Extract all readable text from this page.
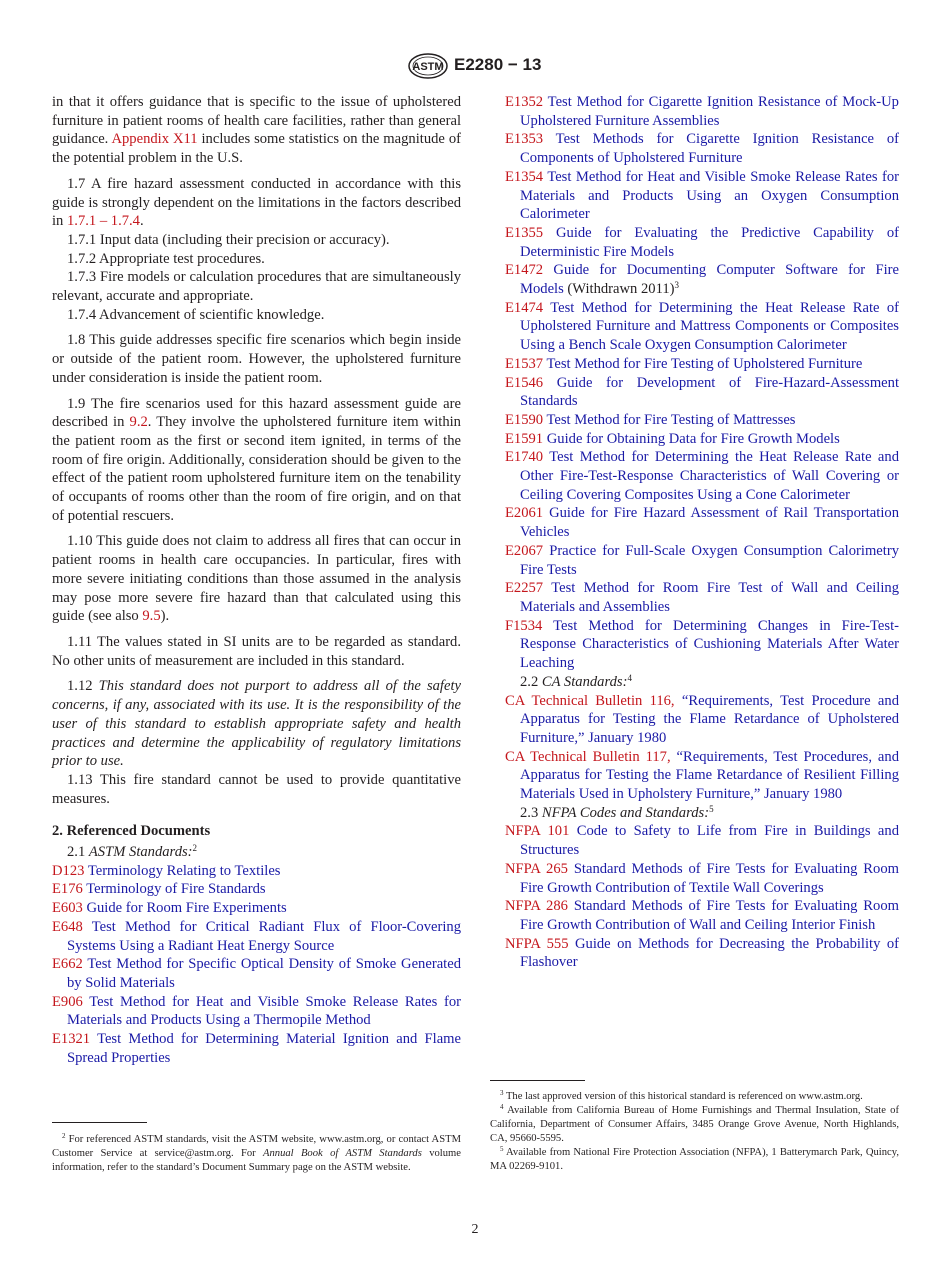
ASTM E2280 − 13

in that it offers guidance that is specific to the issue of upholstered furniture in patient rooms of health care facilities, rather than general guidance. Appendix X11 includes some statistics on the magnitude of the potential problem in the U.S.

1.7 A fire hazard assessment conducted in accordance with this guide is strongly dependent on the limitations in the factors described in 1.7.1 – 1.7.4.

1.7.1 Input data (including their precision or accuracy).

1.7.2 Appropriate test procedures.

1.7.3 Fire models or calculation procedures that are simultaneously relevant, accurate and appropriate.

1.7.4 Advancement of scientific knowledge.

1.8 This guide addresses specific fire scenarios which begin inside or outside of the patient room. However, the upholstered furniture under consideration is inside the patient room.

1.9 The fire scenarios used for this hazard assessment guide are described in 9.2. They involve the upholstered furniture item within the patient room as the first or second item ignited, in terms of the room of fire origin. Additionally, consideration should be given to the effect of the patient room upholstered furniture item on the tenability of occupants of rooms other than the room of fire origin, and on that of potential rescuers.

1.10 This guide does not claim to address all fires that can occur in patient rooms in health care occupancies. In particular, fires with more severe initiating conditions than those assumed in the analysis may pose more severe fire hazard than that calculated using this guide (see also 9.5).

1.11 The values stated in SI units are to be regarded as standard. No other units of measurement are included in this standard.

1.12 This standard does not purport to address all of the safety concerns, if any, associated with its use. It is the responsibility of the user of this standard to establish appropriate safety and health practices and determine the applicability of regulatory limitations prior to use.

1.13 This fire standard cannot be used to provide quantitative measures.

2. Referenced Documents

2.1 ASTM Standards:$^2$

D123 Terminology Relating to Textiles

E176 Terminology of Fire Standards

E603 Guide for Room Fire Experiments

E648 Test Method for Critical Radiant Flux of Floor-Covering Systems Using a Radiant Heat Energy Source

E662 Test Method for Specific Optical Density of Smoke Generated by Solid Materials

E906 Test Method for Heat and Visible Smoke Release Rates for Materials and Products Using a Thermopile Method

E1321 Test Method for Determining Material Ignition and Flame Spread Properties

E1352 Test Method for Cigarette Ignition Resistance of Mock-Up Upholstered Furniture Assemblies

E1353 Test Methods for Cigarette Ignition Resistance of Components of Upholstered Furniture

E1354 Test Method for Heat and Visible Smoke Release Rates for Materials and Products Using an Oxygen Consumption Calorimeter

E1355 Guide for Evaluating the Predictive Capability of Deterministic Fire Models

E1472 Guide for Documenting Computer Software for Fire Models (Withdrawn 2011)$^3$

E1474 Test Method for Determining the Heat Release Rate of Upholstered Furniture and Mattress Components or Composites Using a Bench Scale Oxygen Consumption Calorimeter

E1537 Test Method for Fire Testing of Upholstered Furniture

E1546 Guide for Development of Fire-Hazard-Assessment Standards

E1590 Test Method for Fire Testing of Mattresses

E1591 Guide for Obtaining Data for Fire Growth Models

E1740 Test Method for Determining the Heat Release Rate and Other Fire-Test-Response Characteristics of Wall Covering or Ceiling Covering Composites Using a Cone Calorimeter

E2061 Guide for Fire Hazard Assessment of Rail Transportation Vehicles

E2067 Practice for Full-Scale Oxygen Consumption Calorimetry Fire Tests

E2257 Test Method for Room Fire Test of Wall and Ceiling Materials and Assemblies

F1534 Test Method for Determining Changes in Fire-Test-Response Characteristics of Cushioning Materials After Water Leaching

2.2 CA Standards:$^4$

CA Technical Bulletin 116, “Requirements, Test Procedure and Apparatus for Testing the Flame Retardance of Upholstered Furniture,” January 1980

CA Technical Bulletin 117, “Requirements, Test Procedures, and Apparatus for Testing the Flame Retardance of Resilient Filling Materials Used in Upholstery Furniture,” January 1980

2.3 NFPA Codes and Standards:$^5$

NFPA 101 Code to Safety to Life from Fire in Buildings and Structures

NFPA 265 Standard Methods of Fire Tests for Evaluating Room Fire Growth Contribution of Textile Wall Coverings

NFPA 286 Standard Methods of Fire Tests for Evaluating Room Fire Growth Contribution of Wall and Ceiling Interior Finish

NFPA 555 Guide on Methods for Decreasing the Probability of Flashover

$^2$ For referenced ASTM standards, visit the ASTM website, www.astm.org, or contact ASTM Customer Service at service@astm.org. For Annual Book of ASTM Standards volume information, refer to the standard’s Document Summary page on the ASTM website.

$^3$ The last approved version of this historical standard is referenced on www.astm.org.

$^4$ Available from California Bureau of Home Furnishings and Thermal Insulation, State of California, Department of Consumer Affairs, 3485 Orange Grove Avenue, North Highlands, CA, 95660-5595.

$^5$ Available from National Fire Protection Association (NFPA), 1 Batterymarch Park, Quincy, MA 02269-9101.

2
